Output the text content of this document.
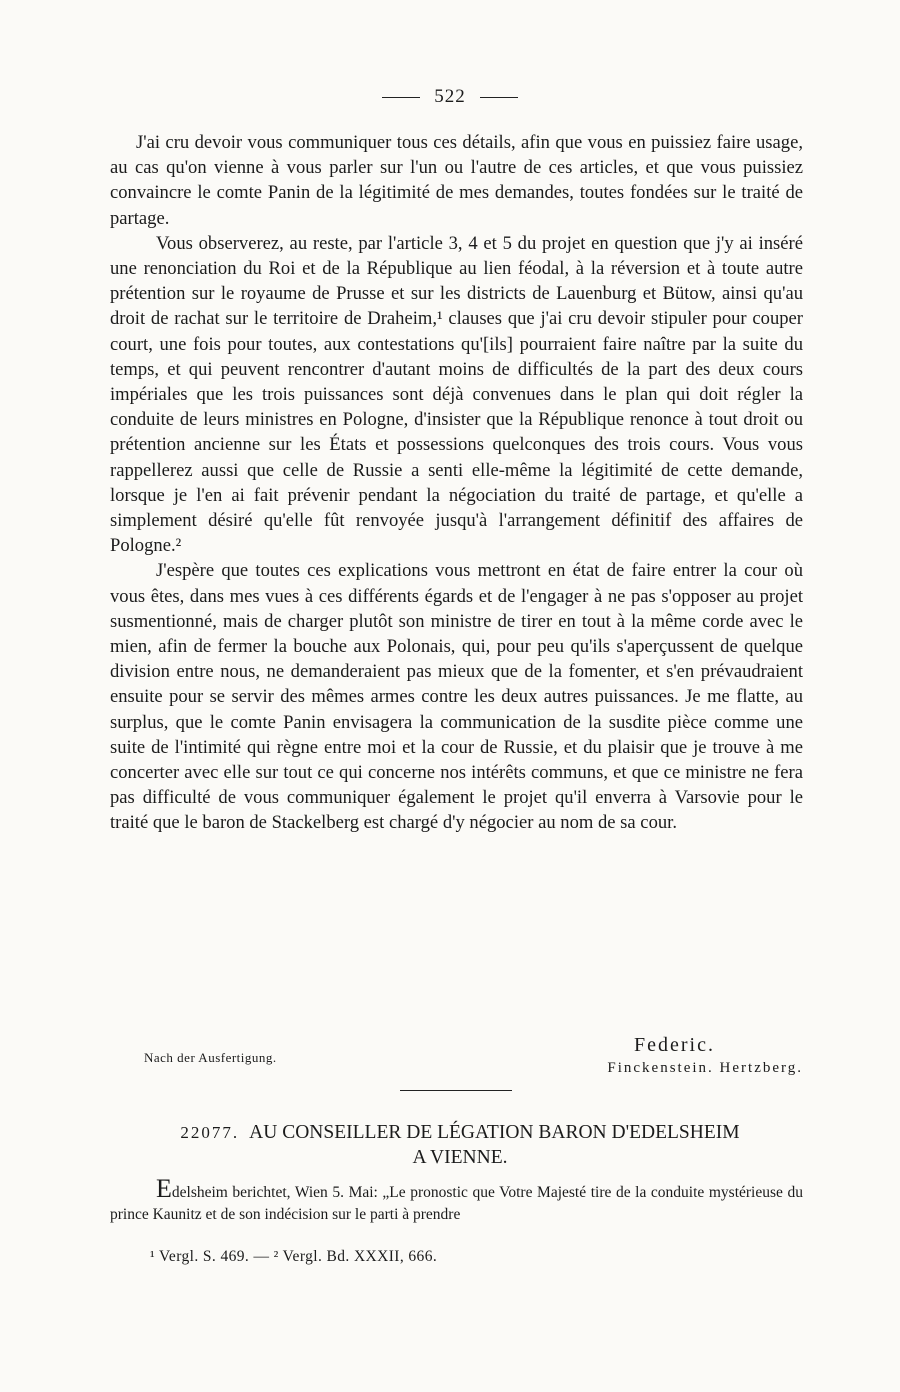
522

J'ai cru devoir vous communiquer tous ces détails, afin que vous en puissiez faire usage, au cas qu'on vienne à vous parler sur l'un ou l'autre de ces articles, et que vous puissiez convaincre le comte Panin de la légitimité de mes demandes, toutes fondées sur le traité de partage.

Vous observerez, au reste, par l'article 3, 4 et 5 du projet en question que j'y ai inséré une renonciation du Roi et de la République au lien féodal, à la réversion et à toute autre prétention sur le royaume de Prusse et sur les districts de Lauenburg et Bütow, ainsi qu'au droit de rachat sur le territoire de Draheim,¹ clauses que j'ai cru devoir stipuler pour couper court, une fois pour toutes, aux contestations qu'[ils] pourraient faire naître par la suite du temps, et qui peuvent rencontrer d'autant moins de difficultés de la part des deux cours impériales que les trois puissances sont déjà convenues dans le plan qui doit régler la conduite de leurs ministres en Pologne, d'insister que la République renonce à tout droit ou prétention ancienne sur les États et possessions quelconques des trois cours. Vous vous rappellerez aussi que celle de Russie a senti elle-même la légitimité de cette demande, lorsque je l'en ai fait prévenir pendant la négociation du traité de partage, et qu'elle a simplement désiré qu'elle fût renvoyée jusqu'à l'arrangement définitif des affaires de Pologne.²

J'espère que toutes ces explications vous mettront en état de faire entrer la cour où vous êtes, dans mes vues à ces différents égards et de l'engager à ne pas s'opposer au projet susmentionné, mais de charger plutôt son ministre de tirer en tout à la même corde avec le mien, afin de fermer la bouche aux Polonais, qui, pour peu qu'ils s'aperçussent de quelque division entre nous, ne demanderaient pas mieux que de la fomenter, et s'en prévaudraient ensuite pour se servir des mêmes armes contre les deux autres puissances. Je me flatte, au surplus, que le comte Panin envisagera la communication de la susdite pièce comme une suite de l'intimité qui règne entre moi et la cour de Russie, et du plaisir que je trouve à me concerter avec elle sur tout ce qui concerne nos intérêts communs, et que ce ministre ne fera pas difficulté de vous communiquer également le projet qu'il enverra à Varsovie pour le traité que le baron de Stackelberg est chargé d'y négocier au nom de sa cour.

Nach der Ausfertigung.
Federic.
Finckenstein. Hertzberg.
22077. AU CONSEILLER DE LÉGATION BARON D'EDELSHEIM
A VIENNE.
Edelsheim berichtet, Wien 5. Mai: „Le pronostic que Votre Majesté tire de la conduite mystérieuse du prince Kaunitz et de son indécision sur le parti à prendre
¹ Vergl. S. 469. — ² Vergl. Bd. XXXII, 666.
